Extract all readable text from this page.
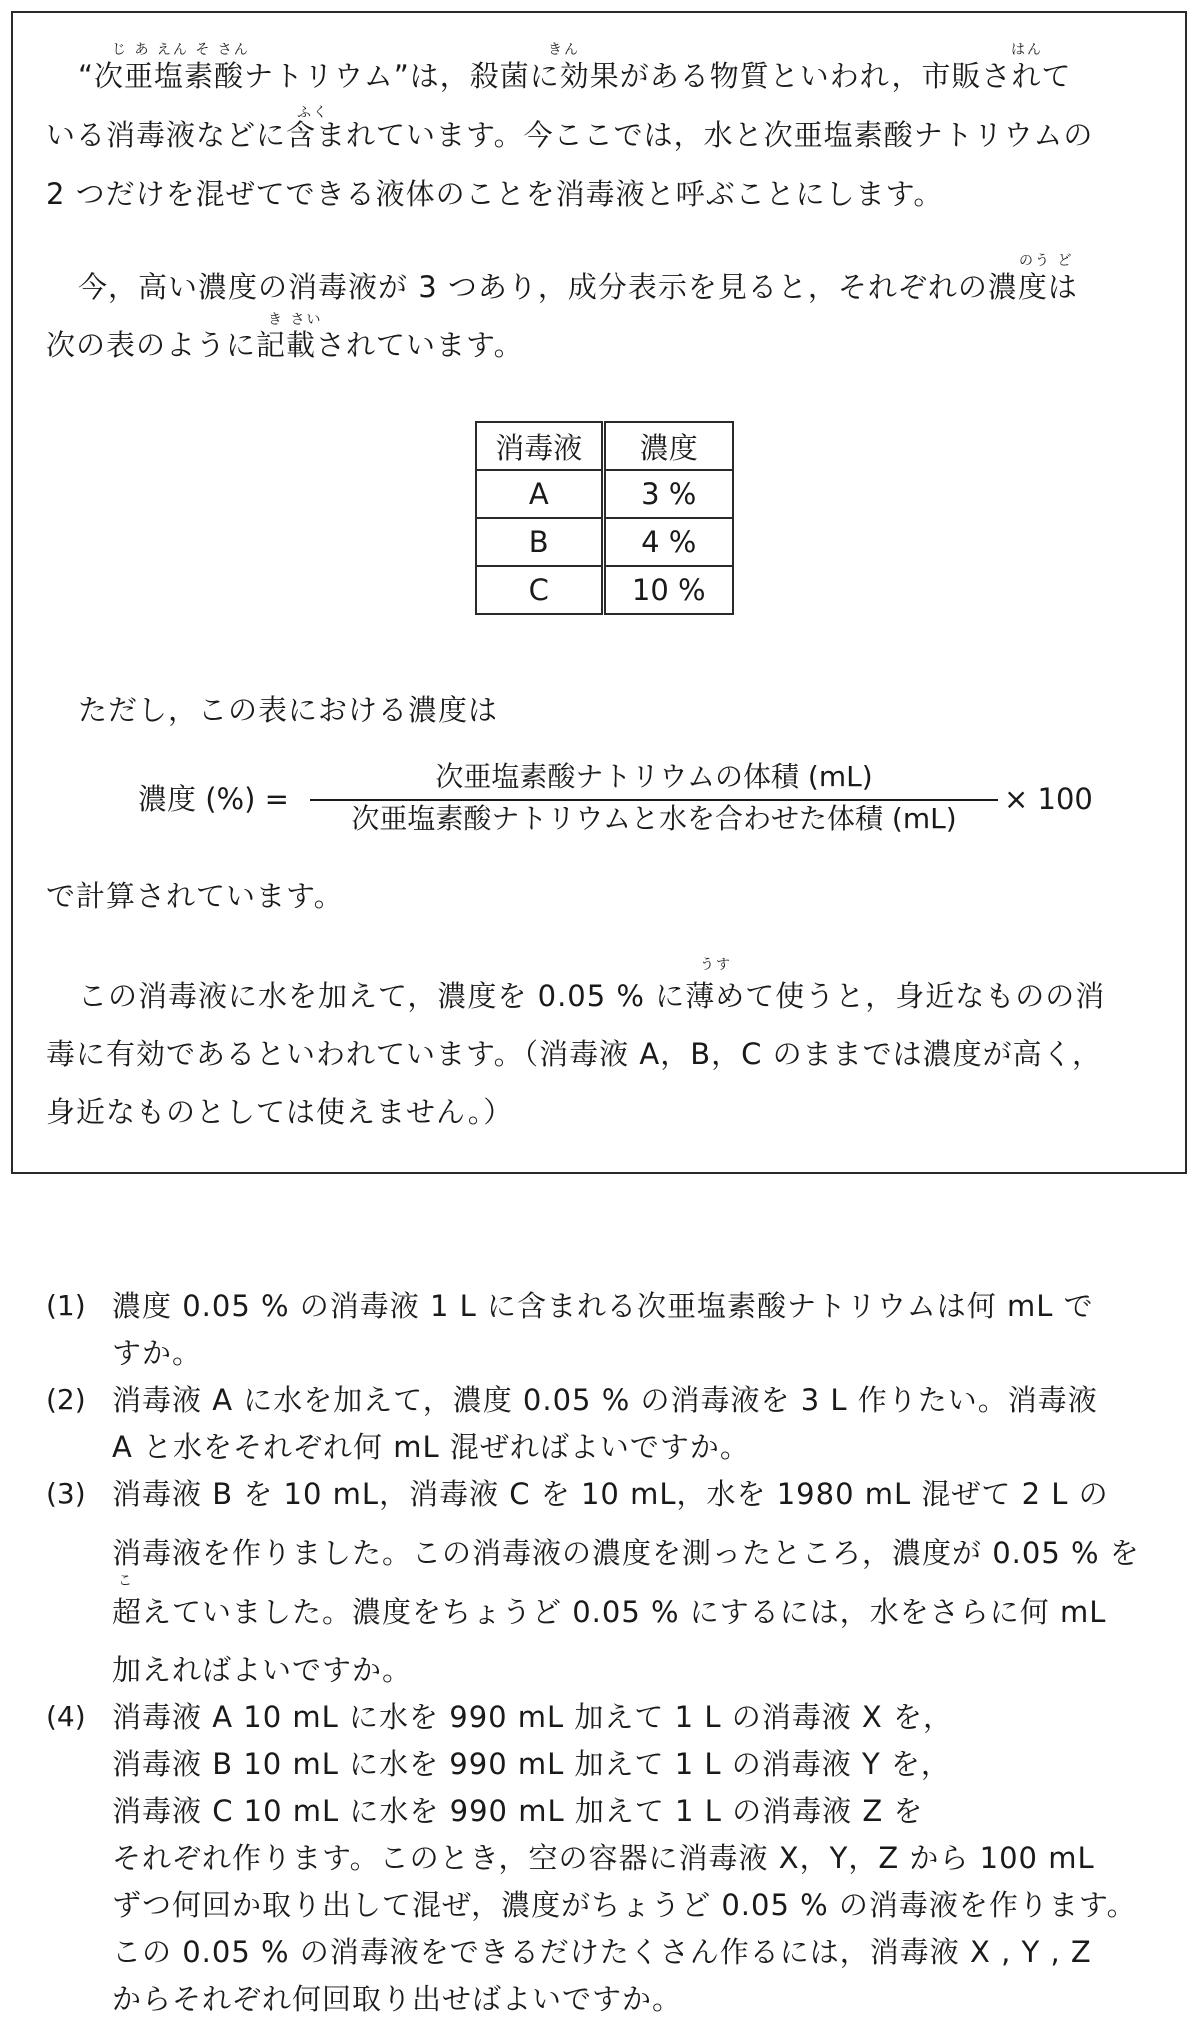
じ あ えん そ さん	きん	はん
ふく
“次亜塩素酸ナトリウム”は，殺菌に効果がある物質といわれ，市販されて
いる消毒液などに含まれています。今ここでは，水と次亜塩素酸ナトリウムの
2 つだけを混ぜてできる液体のことを消毒液と呼ぶことにします。
のう ど
き さい
今，高い濃度の消毒液が 3 つあり，成分表示を見ると，それぞれの濃度は
次の表のように記載されています。
消毒液	濃度
A	3 %
B	4 %
C	10 %
ただし，この表における濃度は
濃度 (%) =
次亜塩素酸ナトリウムの体積 (mL)
次亜塩素酸ナトリウムと水を合わせた体積 (mL)
× 100
で計算されています。
うす
この消毒液に水を加えて，濃度を 0.05 % に薄めて使うと，身近なものの消
毒に有効であるといわれています。（消毒液 A，B，C のままでは濃度が高く，
身近なものとしては使えません。）
(1) 濃度 0.05 % の消毒液 1 L に含まれる次亜塩素酸ナトリウムは何 mL で
すか。
(2) 消毒液 A に水を加えて，濃度 0.05 % の消毒液を 3 L 作りたい。消毒液
A と水をそれぞれ何 mL 混ぜればよいですか。
(3) 消毒液 B を 10 mL，消毒液 C を 10 mL，水を 1980 mL 混ぜて 2 L の
消毒液を作りました。この消毒液の濃度を測ったところ，濃度が 0.05 % を
こ
超えていました。濃度をちょうど 0.05 % にするには，水をさらに何 mL
加えればよいですか。
(4) 消毒液 A 10 mL に水を 990 mL 加えて 1 L の消毒液 X を，
消毒液 B 10 mL に水を 990 mL 加えて 1 L の消毒液 Y を，
消毒液 C 10 mL に水を 990 mL 加えて 1 L の消毒液 Z を
それぞれ作ります。このとき，空の容器に消毒液 X，Y，Z から 100 mL
ずつ何回か取り出して混ぜ，濃度がちょうど 0.05 % の消毒液を作ります。
この 0.05 % の消毒液をできるだけたくさん作るには，消毒液 X , Y , Z
からそれぞれ何回取り出せばよいですか。
